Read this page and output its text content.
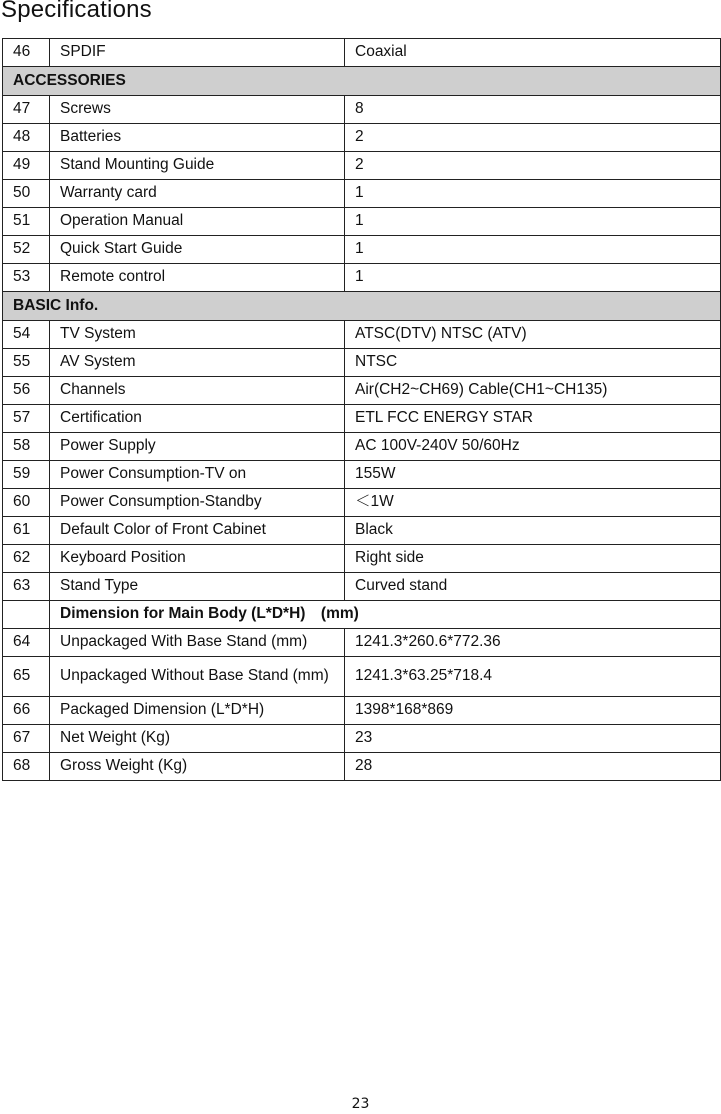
Specifications
46	SPDIF	Coaxial
ACCESSORIES		
47	Screws	8
48	Batteries	2
49	Stand Mounting Guide	2
50	Warranty card	1
51	Operation Manual	1
52	Quick Start Guide	1
53	Remote control	1
BASIC Info.		
54	TV System	ATSC(DTV) NTSC (ATV)
55	AV System	NTSC
56	Channels	Air(CH2~CH69) Cable(CH1~CH135)
57	Certification	ETL FCC ENERGY STAR
58	Power Supply	AC 100V-240V 50/60Hz
59	Power Consumption-TV on	155W
60	Power Consumption-Standby	＜1W
61	Default Color of Front Cabinet	Black
62	Keyboard Position	Right side
63	Stand Type	Curved stand
	Dimension for Main Body (L*D*H)　(mm)	
64	Unpackaged With Base Stand (mm)	1241.3*260.6*772.36
65	Unpackaged Without Base Stand (mm)	1241.3*63.25*718.4
66	Packaged Dimension (L*D*H)	1398*168*869
67	Net Weight (Kg)	23
68	Gross Weight (Kg)	28
23
